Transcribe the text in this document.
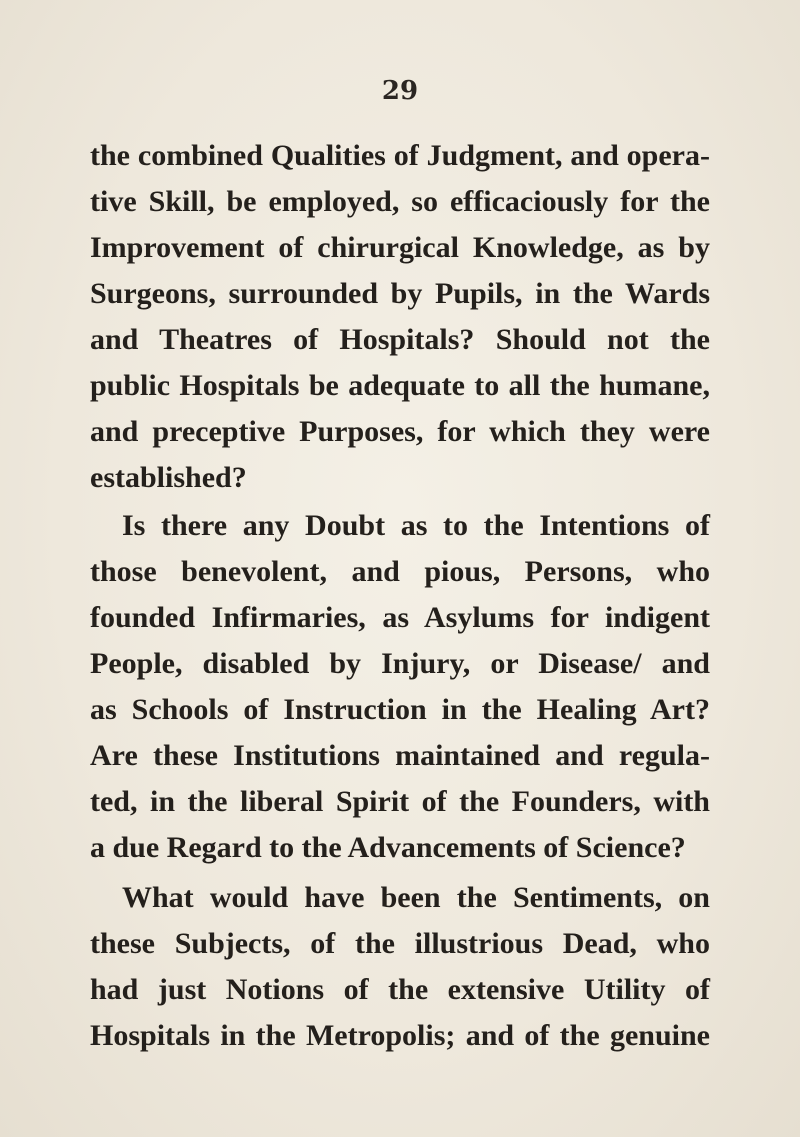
29
the combined Qualities of Judgment, and opera-
tive Skill, be employed, so efficaciously for the
Improvement of chirurgical Knowledge, as by
Surgeons, surrounded by Pupils, in the Wards
and Theatres of Hospitals? Should not the
public Hospitals be adequate to all the humane,
and preceptive Purposes, for which they were
established?
Is there any Doubt as to the Intentions of
those benevolent, and pious, Persons, who
founded Infirmaries, as Asylums for indigent
People, disabled by Injury, or Disease/ and
as Schools of Instruction in the Healing Art?
Are these Institutions maintained and regula-
ted, in the liberal Spirit of the Founders, with
a due Regard to the Advancements of Science?
What would have been the Sentiments, on
these Subjects, of the illustrious Dead, who
had just Notions of the extensive Utility of
Hospitals in the Metropolis; and of the genuine
